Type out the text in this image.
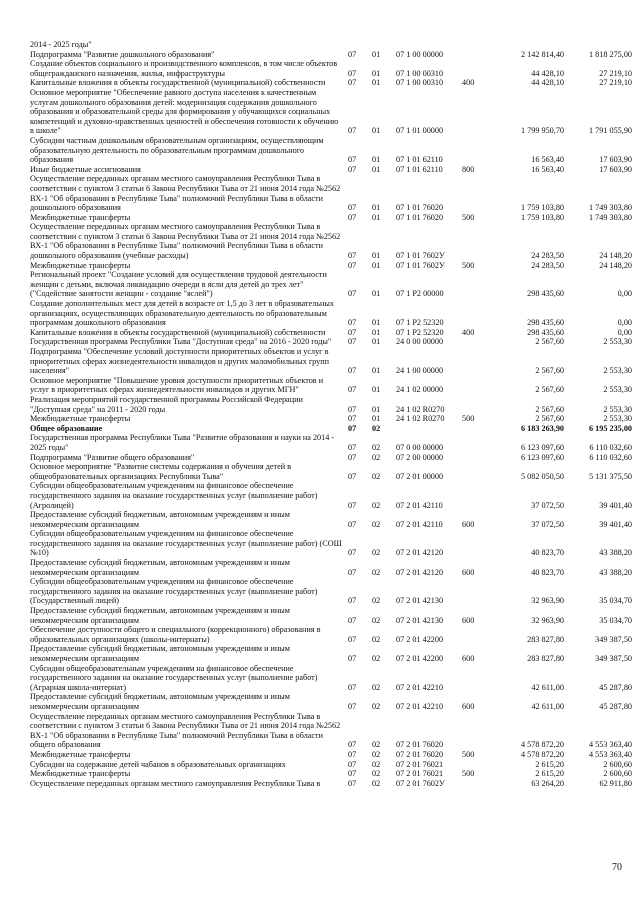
2014 - 2025 годы"
Подпрограмма "Развитие дошкольного образования"	07	01	07 1 00 00000	2 142 814,40	1 818 275,00
Создание объектов социального и производственного комплексов, в том числе объектов общегражданского назначения, жилья, инфраструктуры	07	01	07 1 00 00310	44 428,10	27 219,10
Капитальные вложения в объекты государственной (муниципальной) собственности	07	01	07 1 00 00310	400	44 428,10	27 219,10
Основное мероприятие "Обеспечение равного доступа населения к качественным услугам дошкольного образования детей: модернизация содержания дошкольного образования и образовательной среды для формирования у обучающихся социальных компетенций и духовно-нравственных ценностей и обеспечения готовности к обучению в школе"	07	01	07 1 01 00000	1 799 950,70	1 791 055,90
Субсидии частным дошкольным образовательным организациям, осуществляющим образовательную деятельность по образовательным программам дошкольного образования	07	01	07 1 01 62110	16 563,40	17 603,90
Иные бюджетные ассигнования	07	01	07 1 01 62110	800	16 563,40	17 603,90
Осуществление переданных органам местного самоуправления Республики Тыва в соответствии с пунктом 3 статьи 6 Закона Республики Тыва от 21 июня 2014 года №2562 ВХ-1 "Об образовании в Республике Тыва" полномочий Республики Тыва в области дошкольного образования	07	01	07 1 01 76020	1 759 103,80	1 749 303,80
Межбюджетные трансферты	07	01	07 1 01 76020	500	1 759 103,80	1 749 303,80
Осуществление переданных органам местного самоуправления Республики Тыва в соответствии с пунктом 3 статьи 6 Закона Республики Тыва от 21 июня 2014 года №2562 ВХ-1 "Об образовании в Республике Тыва" полномочий Республики Тыва в области дошкольного образования (учебные расходы)	07	01	07 1 01 7602У	24 283,50	24 148,20
Межбюджетные трансферты	07	01	07 1 01 7602У	500	24 283,50	24 148,20
Региональный проект "Создание условий для осуществления трудовой деятельности женщин с детьми, включая ликвидацию очереди в ясли для детей до трех лет" ("Содействие занятости женщин - создание "яслей")	07	01	07 1 P2 00000	298 435,60	0,00
Создание дополнительных мест для детей в возрасте от 1,5 до 3 лет в образовательных организациях, осуществляющих образовательную деятельность по образовательным программам дошкольного образования	07	01	07 1 P2 52320	298 435,60	0,00
Капитальные вложения в объекты государственной (муниципальной) собственности	07	01	07 1 P2 52320	400	298 435,60	0,00
Государственная программа Республики Тыва "Доступная среда" на 2016 - 2020 годы"	07	01	24 0 00 00000	2 567,60	2 553,30
Подпрограмма "Обеспечение условий доступности приоритетных объектов и услуг в приоритетных сферах жизнедеятельности инвалидов и других маломобильных групп населения"	07	01	24 1 00 00000	2 567,60	2 553,30
Основное мероприятие "Повышение уровня доступности приоритетных объектов и услуг в приоритетных сферах жизнедеятельности инвалидов и других МГН"	07	01	24 1 02 00000	2 567,60	2 553,30
Реализация мероприятий государственной программы Российской Федерации "Доступная среда" на 2011 - 2020 годы	07	01	24 1 02 R0270	2 567,60	2 553,30
Межбюджетные трансферты	07	01	24 1 02 R0270	500	2 567,60	2 553,30
Общее образование	07	02	6 183 263,90	6 195 235,00
Государственная программа Республики Тыва "Развитие образования и науки на 2014 - 2025 годы"	07	02	07 0 00 00000	6 123 097,60	6 110 032,60
Подпрограмма "Развитие общего образования"	07	02	07 2 00 00000	6 123 097,60	6 110 032,60
Основное мероприятие "Развитие системы содержания и обучения детей в общеобразовательных организациях Республики Тыва"	07	02	07 2 01 00000	5 082 050,50	5 131 375,50
Субсидии общеобразовательным учреждениям на финансовое обеспечение государственного задания на оказание государственных услуг (выполнение работ) (Агролицей)	07	02	07 2 01 42110	37 072,50	39 401,40
Предоставление субсидий бюджетным, автономным учреждениям и иным некоммерческим организациям	07	02	07 2 01 42110	600	37 072,50	39 401,40
Субсидии общеобразовательным учреждениям на финансовое обеспечение государственного задания на оказание государственных услуг (выполнение работ) (СОШ №10)	07	02	07 2 01 42120	40 823,70	43 388,20
Предоставление субсидий бюджетным, автономным учреждениям и иным некоммерческим организациям	07	02	07 2 01 42120	600	40 823,70	43 388,20
Субсидии общеобразовательным учреждениям на финансовое обеспечение государственного задания на оказание государственных услуг (выполнение работ) (Государственный лицей)	07	02	07 2 01 42130	32 963,90	35 034,70
Предоставление субсидий бюджетным, автономным учреждениям и иным некоммерческим организациям	07	02	07 2 01 42130	600	32 963,90	35 034,70
Обеспечение доступности общего и специального (коррекционного) образования в образовательных организациях (школы-интернаты)	07	02	07 2 01 42200	283 827,80	349 387,50
Предоставление субсидий бюджетным, автономным учреждениям и иным некоммерческим организациям	07	02	07 2 01 42200	600	283 827,80	349 387,50
Субсидии общеобразовательным учреждениям на финансовое обеспечение государственного задания на оказание государственных услуг (выполнение работ) (Аграрная школа-интернат)	07	02	07 2 01 42210	42 611,00	45 287,80
Предоставление субсидий бюджетным, автономным учреждениям и иным некоммерческим организациям	07	02	07 2 01 42210	600	42 611,00	45 287,80
Осуществление переданных органам местного самоуправления Республики Тыва в соответствии с пунктом 3 статьи 6 Закона Республики Тыва от 21 июня 2014 года №2562 ВХ-1 "Об образовании в Республике Тыва" полномочий Республики Тыва в области общего образования	07	02	07 2 01 76020	4 578 872,20	4 553 363,40
Межбюджетные трансферты	07	02	07 2 01 76020	500	4 578 872,20	4 553 363,40
Субсидии на содержание детей чабанов в образовательных организациях	07	02	07 2 01 76021	2 615,20	2 600,60
Межбюджетные трансферты	07	02	07 2 01 76021	500	2 615,20	2 600,60
Осуществление переданных органам местного самоуправления Республики Тыва в	07	02	07 2 01 7602У	63 264,20	62 911,80
70
